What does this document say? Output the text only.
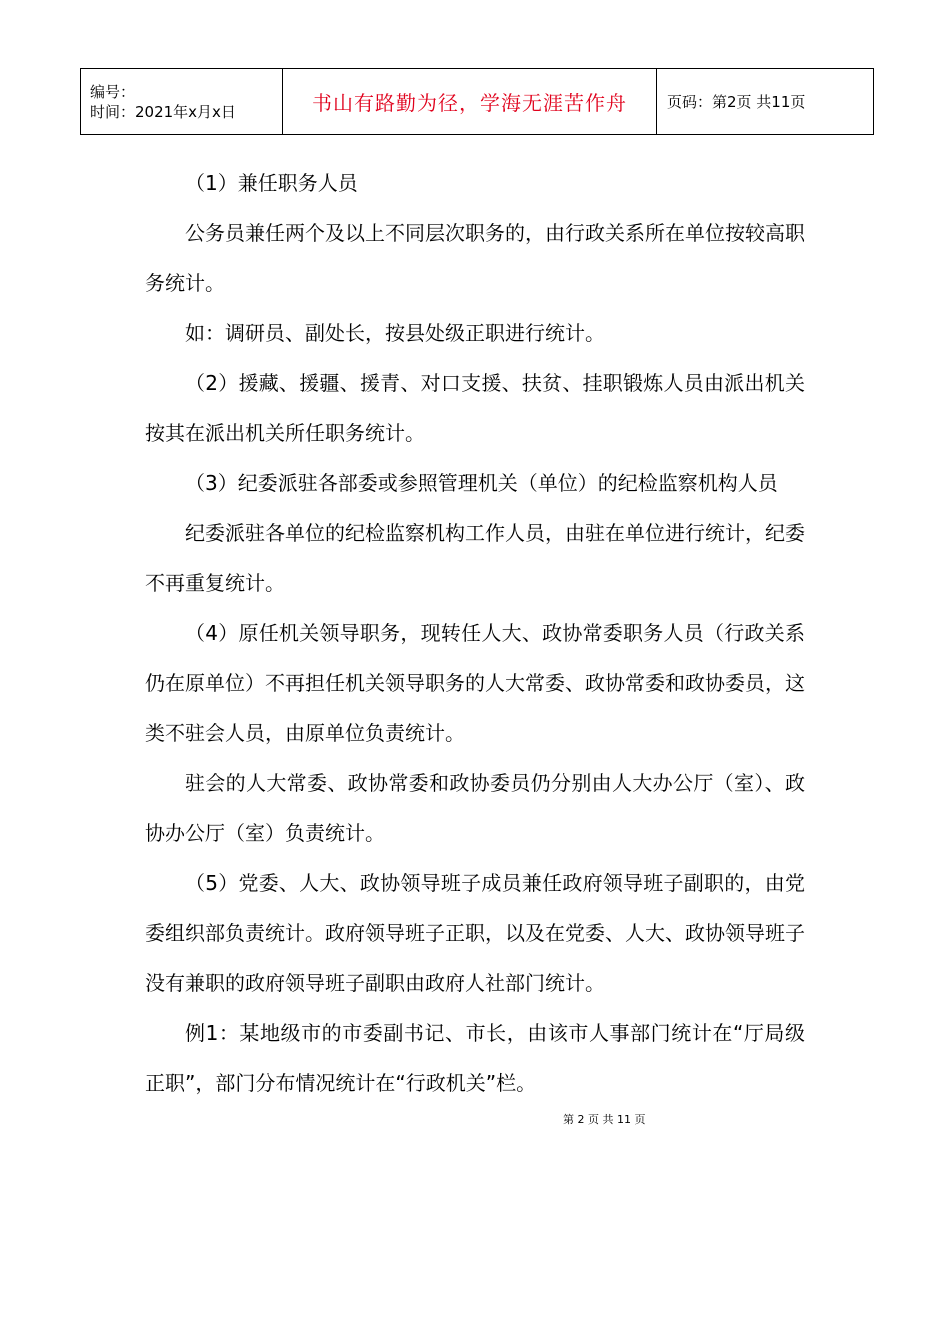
编号：
时间：2021年x月x日	书山有路勤为径，学海无涯苦作舟	页码：第2页 共11页

（1）兼任职务人员

公务员兼任两个及以上不同层次职务的，由行政关系所在单位按较高职务统计。

如：调研员、副处长，按县处级正职进行统计。

（2）援藏、援疆、援青、对口支援、扶贫、挂职锻炼人员由派出机关按其在派出机关所任职务统计。

（3）纪委派驻各部委或参照管理机关（单位）的纪检监察机构人员

纪委派驻各单位的纪检监察机构工作人员，由驻在单位进行统计，纪委不再重复统计。

（4）原任机关领导职务，现转任人大、政协常委职务人员（行政关系仍在原单位）不再担任机关领导职务的人大常委、政协常委和政协委员，这类不驻会人员，由原单位负责统计。

驻会的人大常委、政协常委和政协委员仍分别由人大办公厅（室）、政协办公厅（室）负责统计。

（5）党委、人大、政协领导班子成员兼任政府领导班子副职的，由党委组织部负责统计。政府领导班子正职，以及在党委、人大、政协领导班子没有兼职的政府领导班子副职由政府人社部门统计。

例1：某地级市的市委副书记、市长，由该市人事部门统计在“厅局级正职”，部门分布情况统计在“行政机关”栏。

第 2 页 共 11 页
